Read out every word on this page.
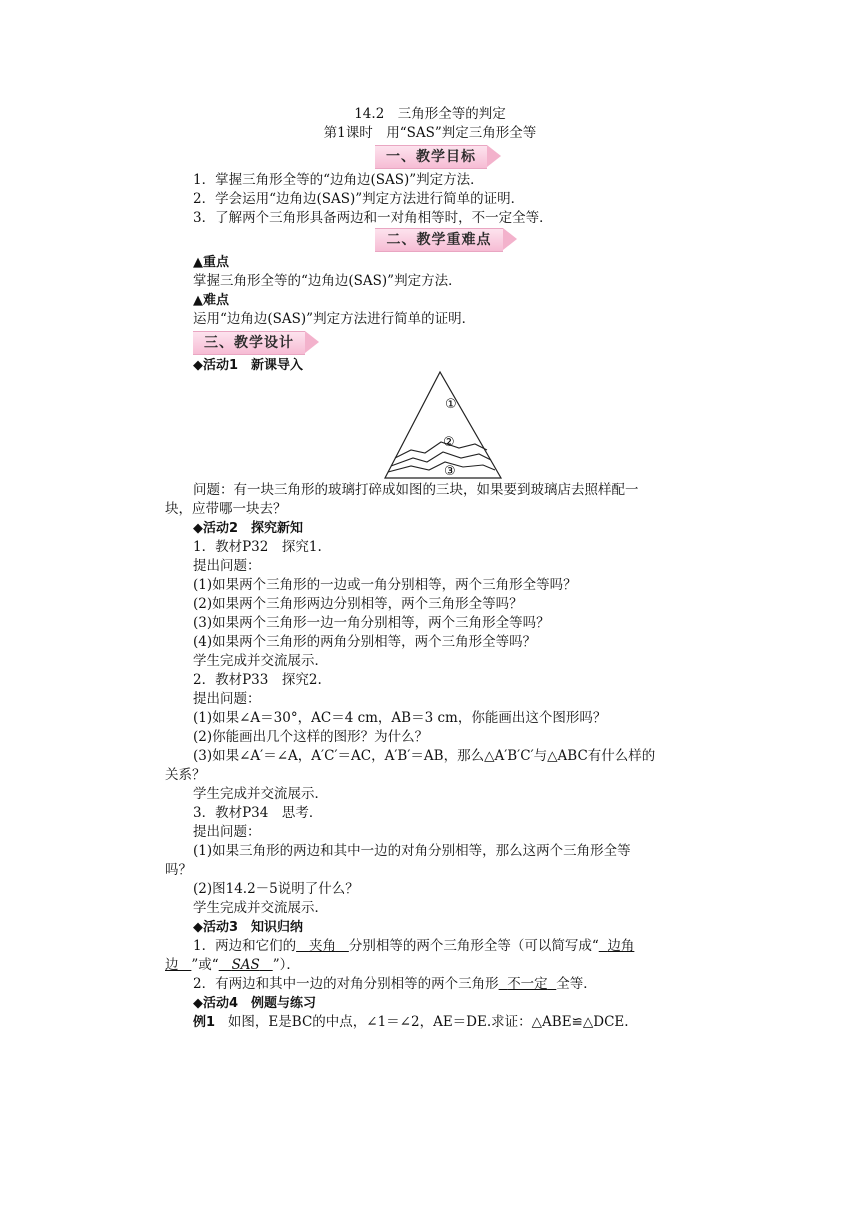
14.2　三角形全等的判定
第1课时　用“SAS”判定三角形全等
一、教学目标
1．掌握三角形全等的“边角边(SAS)”判定方法．
2．学会运用“边角边(SAS)”判定方法进行简单的证明．
3．了解两个三角形具备两边和一对角相等时，不一定全等．
二、教学重难点
▲重点
掌握三角形全等的“边角边(SAS)”判定方法．
▲难点
运用“边角边(SAS)”判定方法进行简单的证明．
三、教学设计
◆活动1　新课导入
①
②
③
问题：有一块三角形的玻璃打碎成如图的三块，如果要到玻璃店去照样配一
块，应带哪一块去？
◆活动2　探究新知
1．教材P32　探究1.
提出问题：
(1)如果两个三角形的一边或一角分别相等，两个三角形全等吗？
(2)如果两个三角形两边分别相等，两个三角形全等吗？
(3)如果两个三角形一边一角分别相等，两个三角形全等吗？
(4)如果两个三角形的两角分别相等，两个三角形全等吗？
学生完成并交流展示．
2．教材P33　探究2.
提出问题：
(1)如果∠A＝30°，AC＝4 cm，AB＝3 cm，你能画出这个图形吗？
(2)你能画出几个这样的图形？为什么？
(3)如果∠A′＝∠A，A′C′＝AC，A′B′＝AB，那么△A′B′C′与△ABC有什么样的
关系？
学生完成并交流展示．
3．教材P34　思考．
提出问题：
(1)如果三角形的两边和其中一边的对角分别相等，那么这两个三角形全等
吗？
(2)图14.2－5说明了什么？
学生完成并交流展示．
◆活动3　知识归纳
1．两边和它们的 夹角 分别相等的两个三角形全等（可以简写成“ 边角
边 ”或“ SAS ”）．
2．有两边和其中一边的对角分别相等的两个三角形 不一定 全等．
◆活动4　例题与练习
例1 如图，E是BC的中点，∠1＝∠2，AE＝DE.求证：△ABE≌△DCE.
